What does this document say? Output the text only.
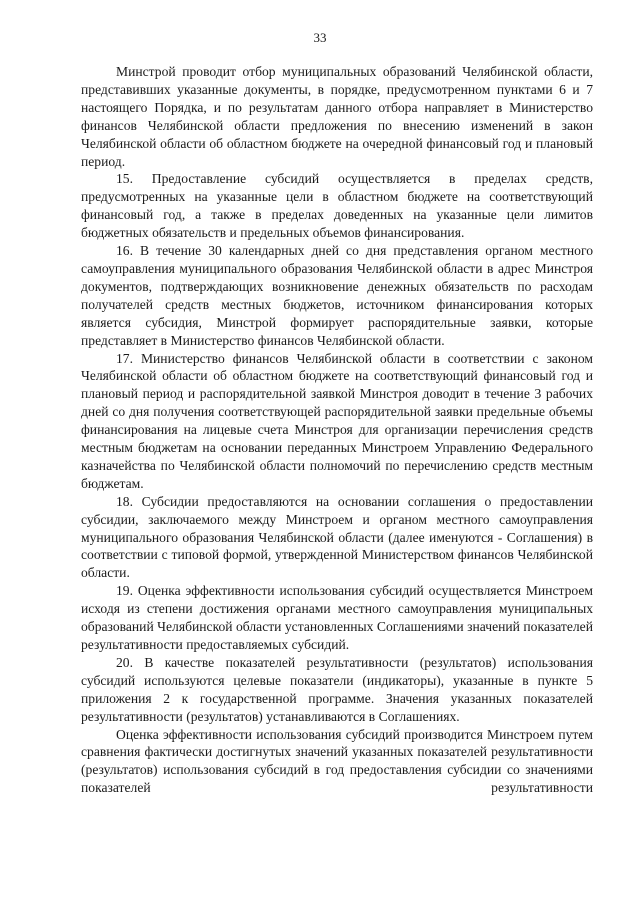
33

Минстрой проводит отбор муниципальных образований Челябинской области, представивших указанные документы, в порядке, предусмотренном пунктами 6 и 7 настоящего Порядка, и по результатам данного отбора направляет в Министерство финансов Челябинской области предложения по внесению изменений в закон Челябинской области об областном бюджете на очередной финансовый год и плановый период.

15. Предоставление субсидий осуществляется в пределах средств, предусмотренных на указанные цели в областном бюджете на соответствующий финансовый год, а также в пределах доведенных на указанные цели лимитов бюджетных обязательств и предельных объемов финансирования.

16. В течение 30 календарных дней со дня представления органом местного самоуправления муниципального образования Челябинской области в адрес Минстроя документов, подтверждающих возникновение денежных обязательств по расходам получателей средств местных бюджетов, источником финансирования которых является субсидия, Минстрой формирует распорядительные заявки, которые представляет в Министерство финансов Челябинской области.

17. Министерство финансов Челябинской области в соответствии с законом Челябинской области об областном бюджете на соответствующий финансовый год и плановый период и распорядительной заявкой Минстроя доводит в течение 3 рабочих дней со дня получения соответствующей распорядительной заявки предельные объемы финансирования на лицевые счета Минстроя для организации перечисления средств местным бюджетам на основании переданных Минстроем Управлению Федерального казначейства по Челябинской области полномочий по перечислению средств местным бюджетам.

18. Субсидии предоставляются на основании соглашения о предоставлении субсидии, заключаемого между Минстроем и органом местного самоуправления муниципального образования Челябинской области (далее именуются - Соглашения) в соответствии с типовой формой, утвержденной Министерством финансов Челябинской области.

19. Оценка эффективности использования субсидий осуществляется Минстроем исходя из степени достижения органами местного самоуправления муниципальных образований Челябинской области установленных Соглашениями значений показателей результативности предоставляемых субсидий.

20. В качестве показателей результативности (результатов) использования субсидий используются целевые показатели (индикаторы), указанные в пункте 5 приложения 2 к государственной программе. Значения указанных показателей результативности (результатов) устанавливаются в Соглашениях.

Оценка эффективности использования субсидий производится Минстроем путем сравнения фактически достигнутых значений указанных показателей результативности (результатов) использования субсидий в год предоставления субсидии со значениями показателей результативности
